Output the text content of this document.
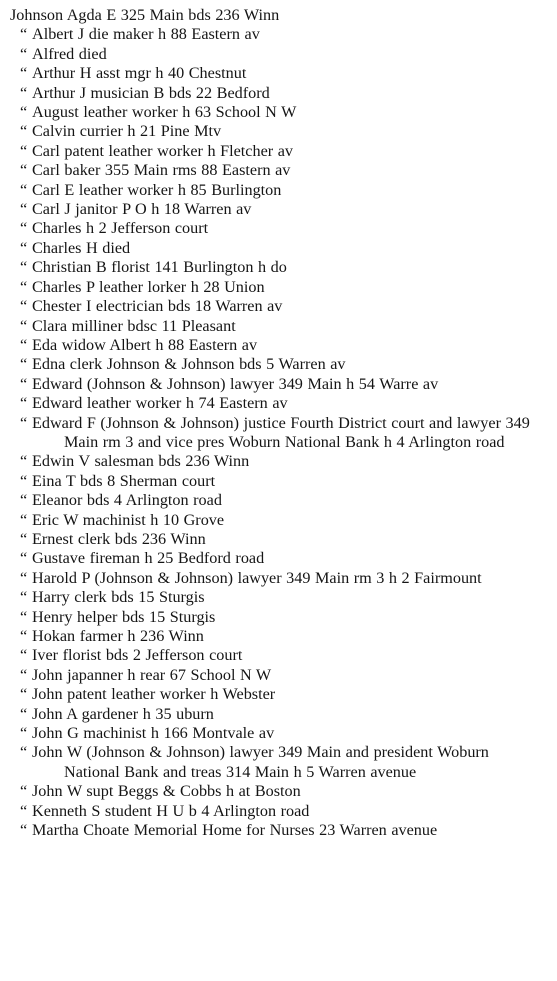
Johnson Agda E 325 Main bds 236 Winn
“ Albert J die maker h 88 Eastern av
“ Alfred died
“ Arthur H asst mgr h 40 Chestnut
“ Arthur J musician B bds 22 Bedford
“ August leather worker h 63 School N W
“ Calvin currier h 21 Pine Mtv
“ Carl patent leather worker h Fletcher av
“ Carl baker 355 Main rms 88 Eastern av
“ Carl E leather worker h 85 Burlington
“ Carl J janitor P O h 18 Warren av
“ Charles h 2 Jefferson court
“ Charles H died
“ Christian B florist 141 Burlington h do
“ Charles P leather lorker h 28 Union
“ Chester I electrician bds 18 Warren av
“ Clara milliner bdsc 11 Pleasant
“ Eda widow Albert h 88 Eastern av
“ Edna clerk Johnson & Johnson bds 5 Warren av
“ Edward (Johnson & Johnson) lawyer 349 Main h 54 Warre av
“ Edward leather worker h 74 Eastern av
“ Edward F (Johnson & Johnson) justice Fourth District court and lawyer 349 Main rm 3 and vice pres Woburn National Bank h 4 Arlington road
“ Edwin V salesman bds 236 Winn
“ Eina T bds 8 Sherman court
“ Eleanor bds 4 Arlington road
“ Eric W machinist h 10 Grove
“ Ernest clerk bds 236 Winn
“ Gustave fireman h 25 Bedford road
“ Harold P (Johnson & Johnson) lawyer 349 Main rm 3 h 2 Fairmount
“ Harry clerk bds 15 Sturgis
“ Henry helper bds 15 Sturgis
“ Hokan farmer h 236 Winn
“ Iver florist bds 2 Jefferson court
“ John japanner h rear 67 School N W
“ John patent leather worker h Webster
“ John A gardener h 35 uburn
“ John G machinist h 166 Montvale av
“ John W (Johnson & Johnson) lawyer 349 Main and president Woburn National Bank and treas 314 Main h 5 Warren avenue
“ John W supt Beggs & Cobbs h at Boston
“ Kenneth S student H U b 4 Arlington road
“ Martha Choate Memorial Home for Nurses 23 Warren avenue
